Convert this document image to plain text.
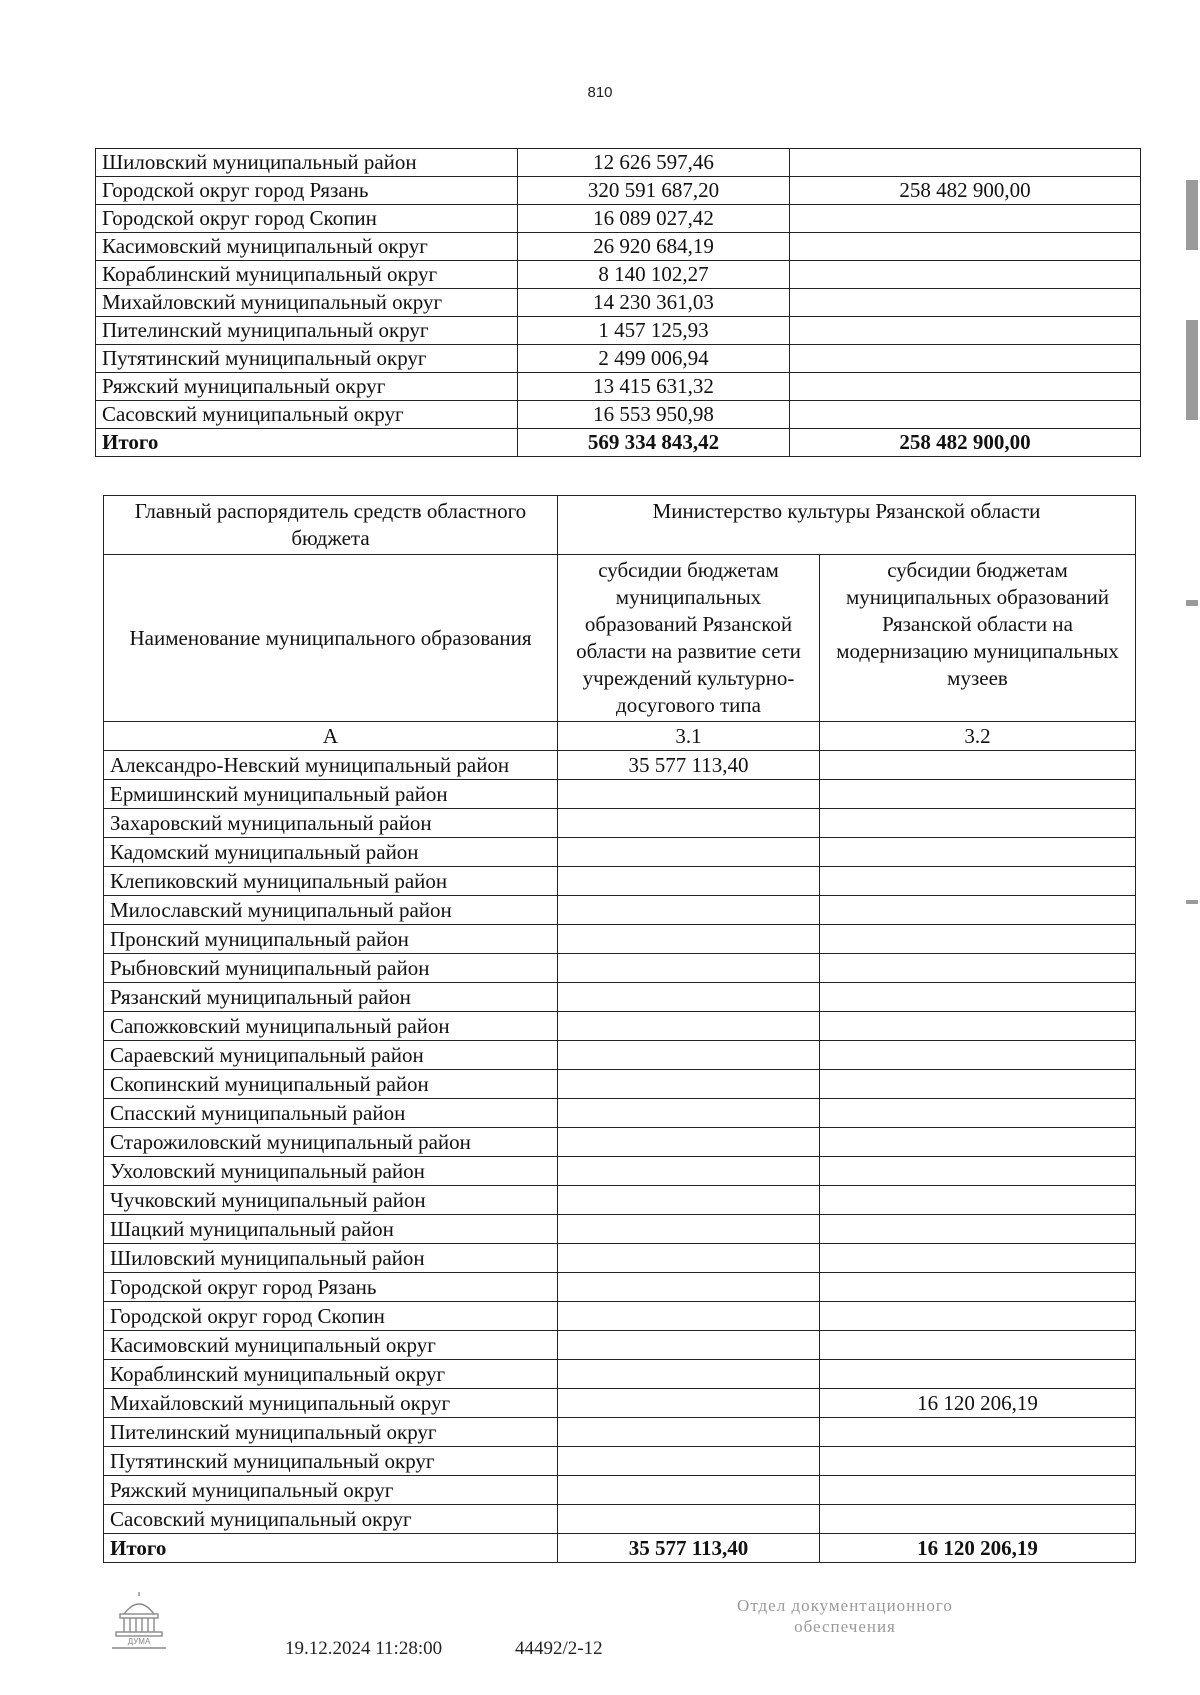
810
Шиловский муниципальный район	12 626 597,46	
Городской округ город Рязань	320 591 687,20	258 482 900,00
Городской округ город Скопин	16 089 027,42	
Касимовский муниципальный округ	26 920 684,19	
Кораблинский муниципальный округ	8 140 102,27	
Михайловский муниципальный округ	14 230 361,03	
Пителинский муниципальный округ	1 457 125,93	
Путятинский муниципальный округ	2 499 006,94	
Ряжский муниципальный округ	13 415 631,32	
Сасовский муниципальный округ	16 553 950,98	
Итого	569 334 843,42	258 482 900,00
Главный распорядитель средств областного бюджета	Министерство культуры Рязанской области	
Наименование муниципального образования	субсидии бюджетам муниципальных образований Рязанской области на развитие сети учреждений культурно-досугового типа	субсидии бюджетам муниципальных образований Рязанской области на модернизацию муниципальных музеев
А	3.1	3.2
Александро-Невский муниципальный район	35 577 113,40	
Ермишинский муниципальный район		
Захаровский муниципальный район		
Кадомский муниципальный район		
Клепиковский муниципальный район		
Милославский муниципальный район		
Пронский муниципальный район		
Рыбновский муниципальный район		
Рязанский муниципальный район		
Сапожковский муниципальный район		
Сараевский муниципальный район		
Скопинский муниципальный район		
Спасский муниципальный район		
Старожиловский муниципальный район		
Ухоловский муниципальный район		
Чучковский муниципальный район		
Шацкий муниципальный район		
Шиловский муниципальный район		
Городской округ город Рязань		
Городской округ город Скопин		
Касимовский муниципальный округ		
Кораблинский муниципальный округ		
Михайловский муниципальный округ		16 120 206,19
Пителинский муниципальный округ		
Путятинский муниципальный округ		
Ряжский муниципальный округ		
Сасовский муниципальный округ		
Итого	35 577 113,40	16 120 206,19
ДУМА
Отдел документационного
обеспечения
19.12.2024 11:28:00	44492/2-12
